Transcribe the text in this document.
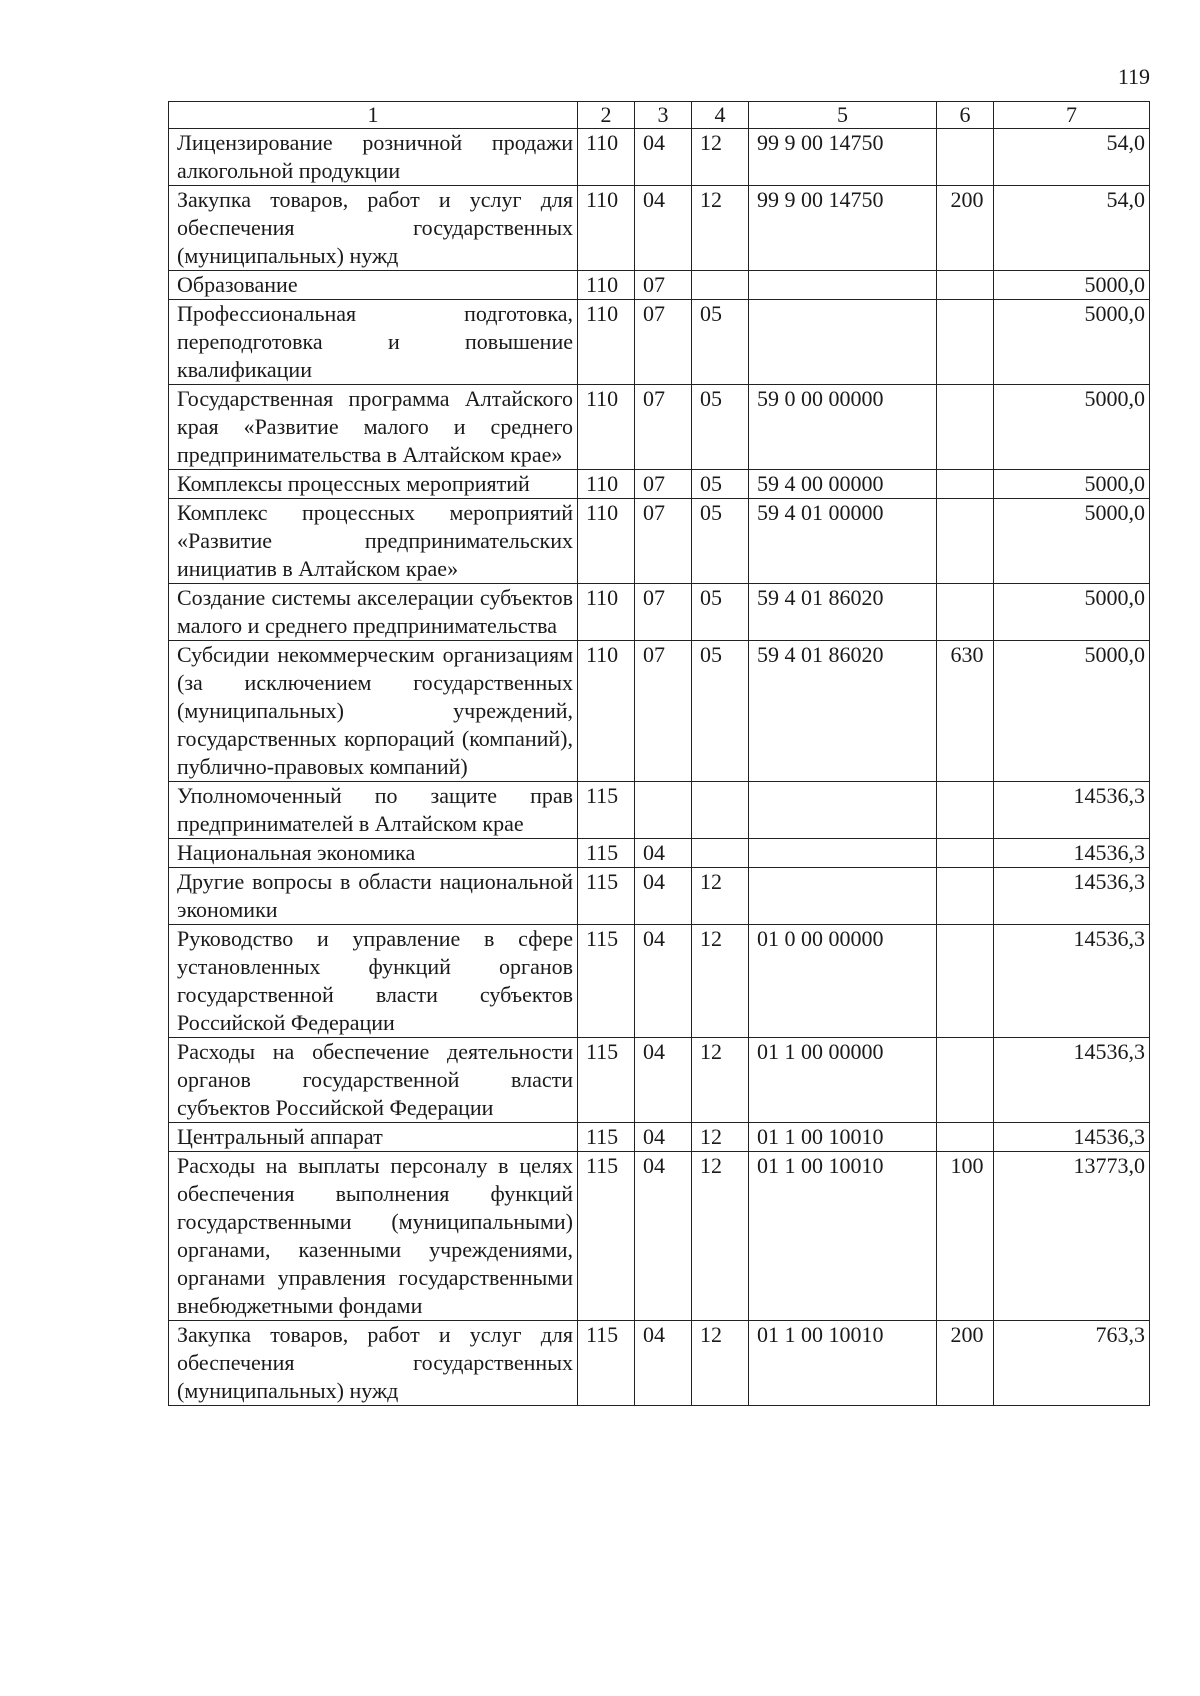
119
1	2	3	4	5	6	7
Лицензирование розничной продажи алкогольной продукции	110	04	12	99 9 00 14750		54,0
Закупка товаров, работ и услуг для обеспечения государственных (муниципальных) нужд	110	04	12	99 9 00 14750	200	54,0
Образование	110	07				5000,0
Профессиональная подготовка, переподготовка и повышение квалификации	110	07	05			5000,0
Государственная программа Алтайского края «Развитие малого и среднего предпринимательства в Алтайском крае»	110	07	05	59 0 00 00000		5000,0
Комплексы процессных мероприятий	110	07	05	59 4 00 00000		5000,0
Комплекс процессных мероприятий «Развитие предпринимательских инициатив в Алтайском крае»	110	07	05	59 4 01 00000		5000,0
Создание системы акселерации субъектов малого и среднего предпринимательства	110	07	05	59 4 01 86020		5000,0
Субсидии некоммерческим организациям (за исключением государственных (муниципальных) учреждений, государственных корпораций (компаний), публично-правовых компаний)	110	07	05	59 4 01 86020	630	5000,0
Уполномоченный по защите прав предпринимателей в Алтайском крае	115					14536,3
Национальная экономика	115	04				14536,3
Другие вопросы в области национальной экономики	115	04	12			14536,3
Руководство и управление в сфере установленных функций органов государственной власти субъектов Российской Федерации	115	04	12	01 0 00 00000		14536,3
Расходы на обеспечение деятельности органов государственной власти субъектов Российской Федерации	115	04	12	01 1 00 00000		14536,3
Центральный аппарат	115	04	12	01 1 00 10010		14536,3
Расходы на выплаты персоналу в целях обеспечения выполнения функций государственными (муниципальными) органами, казенными учреждениями, органами управления государственными внебюджетными фондами	115	04	12	01 1 00 10010	100	13773,0
Закупка товаров, работ и услуг для обеспечения государственных (муниципальных) нужд	115	04	12	01 1 00 10010	200	763,3
